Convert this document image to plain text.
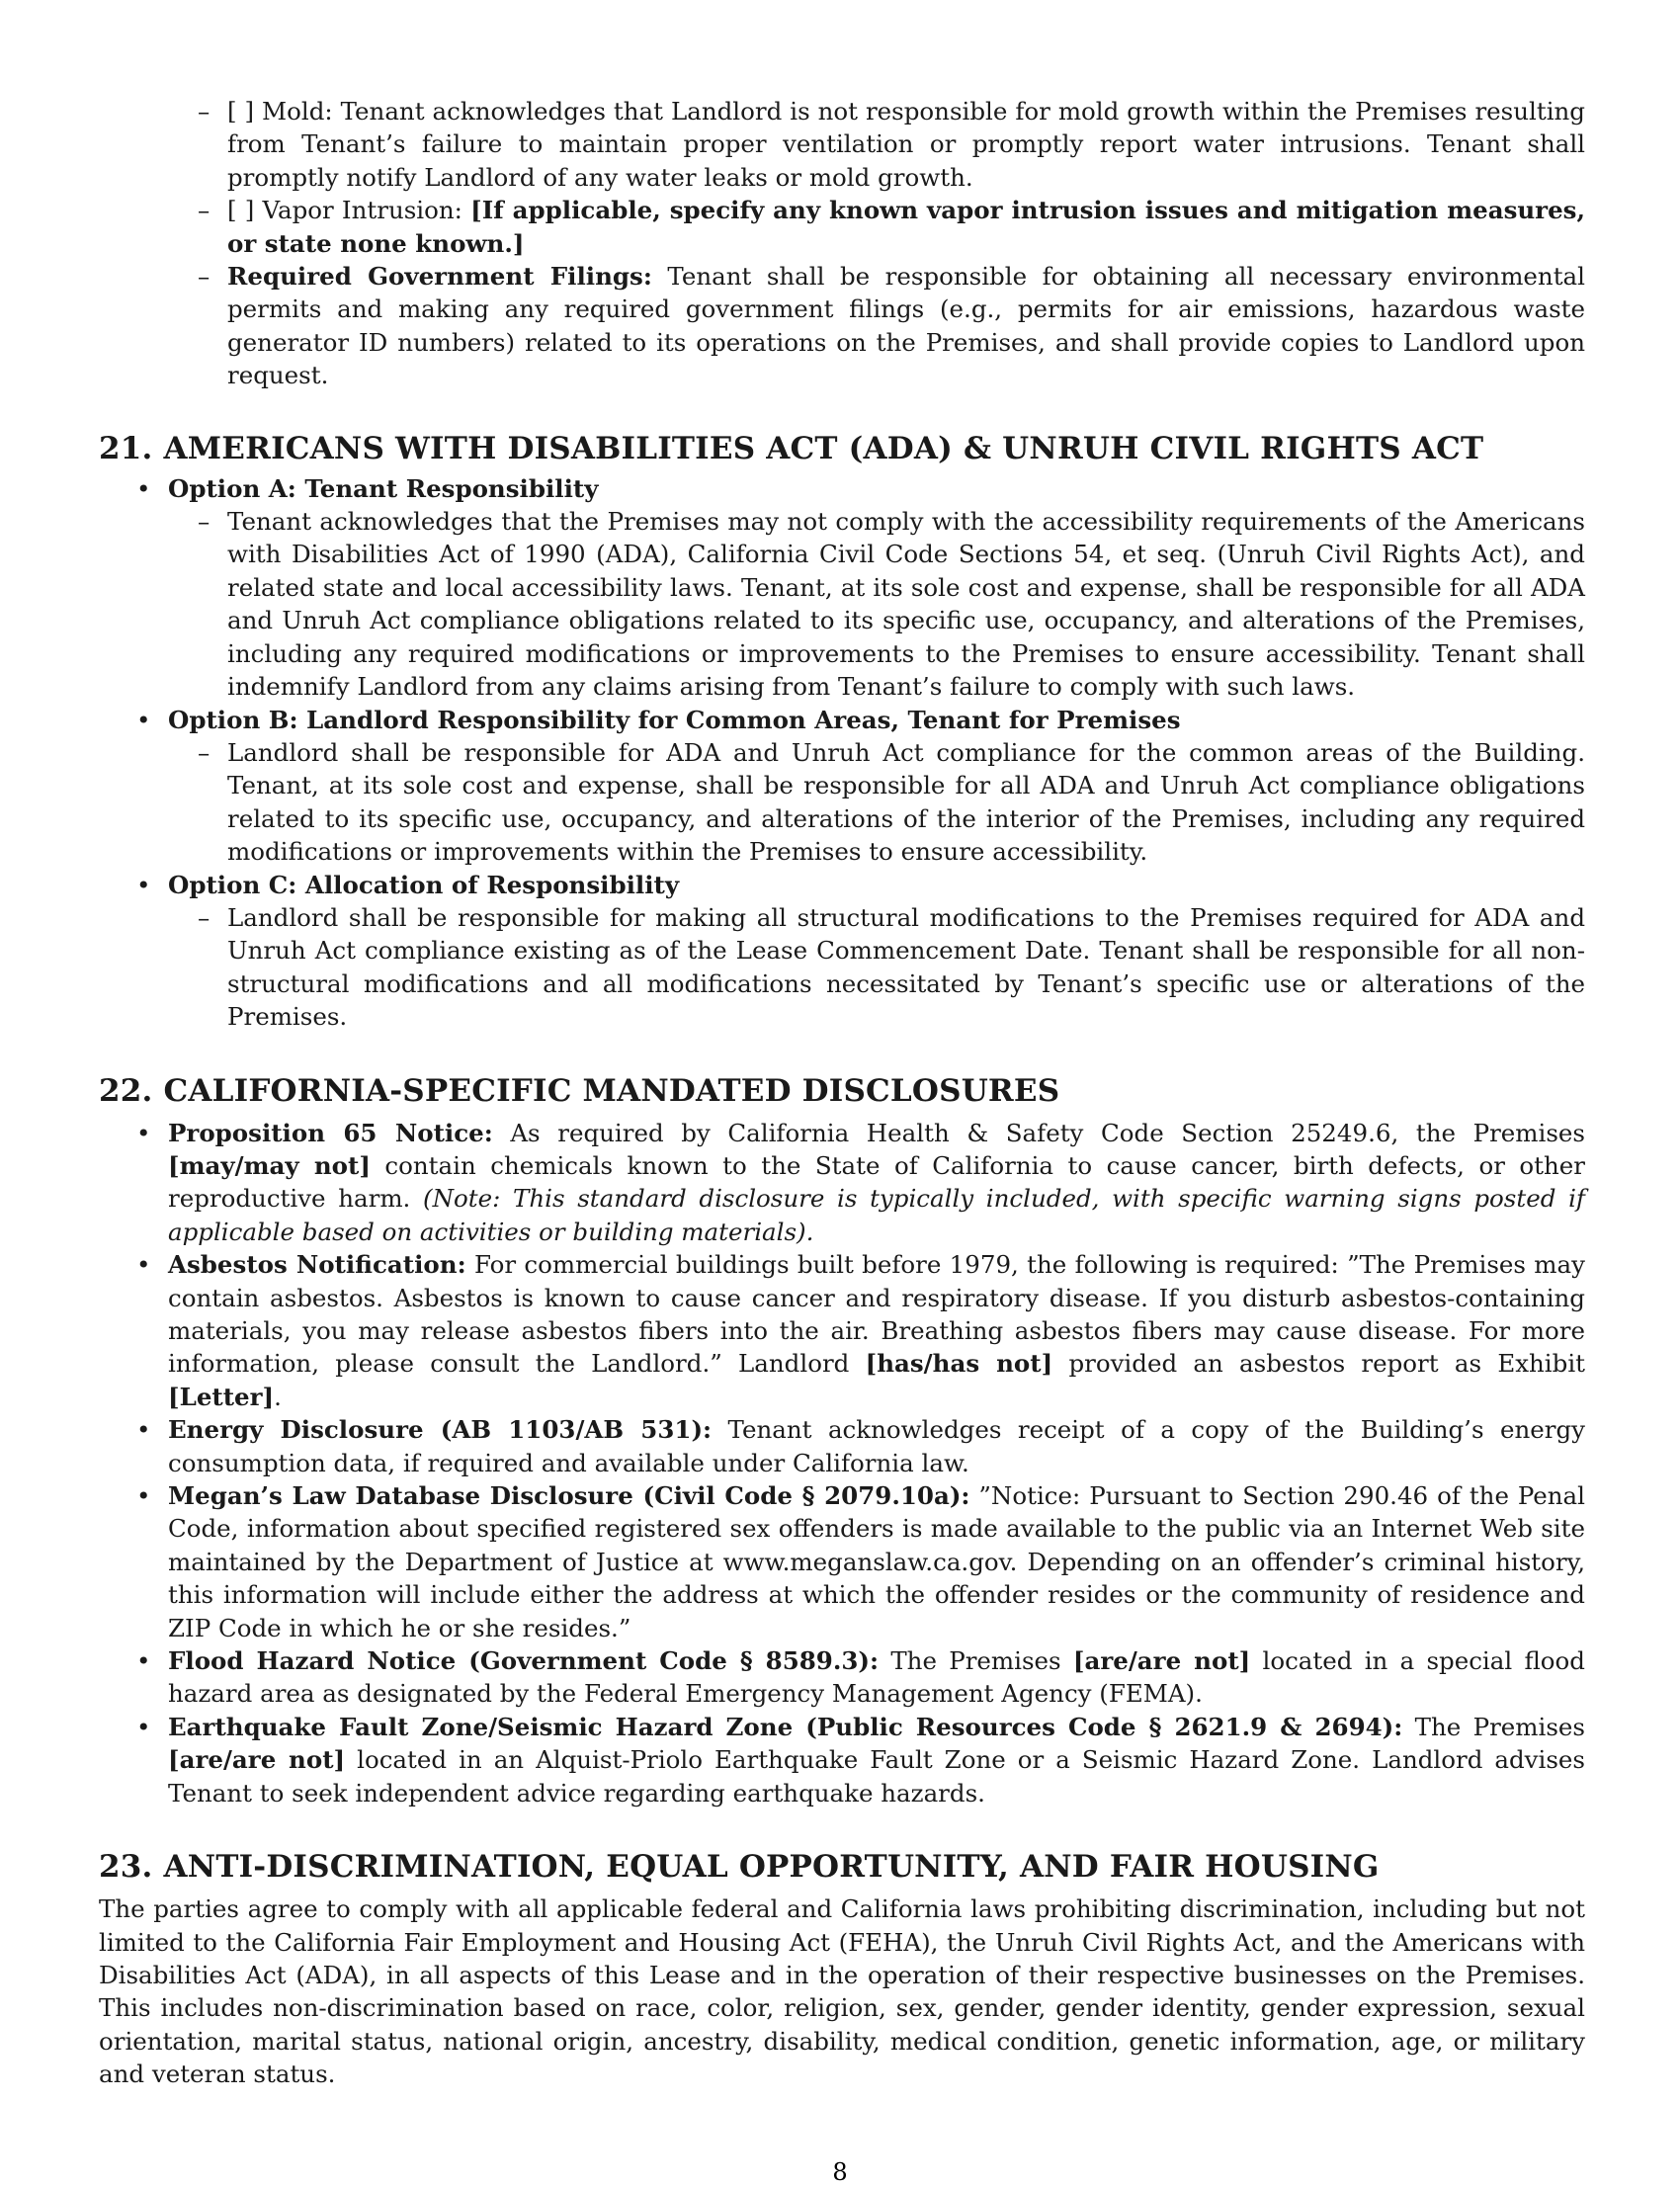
– [ ] Mold: Tenant acknowledges that Landlord is not responsible for mold growth within the Premises resulting from Tenant’s failure to maintain proper ventilation or promptly report water intrusions. Tenant shall promptly notify Landlord of any water leaks or mold growth.
– [ ] Vapor Intrusion: [If applicable, specify any known vapor intrusion issues and mitigation measures, or state none known.]
– Required Government Filings: Tenant shall be responsible for obtaining all necessary environmental permits and making any required government filings (e.g., permits for air emissions, hazardous waste generator ID numbers) related to its operations on the Premises, and shall provide copies to Landlord upon request.
21. AMERICANS WITH DISABILITIES ACT (ADA) & UNRUH CIVIL RIGHTS ACT
• Option A: Tenant Responsibility
– Tenant acknowledges that the Premises may not comply with the accessibility requirements of the Americans with Disabilities Act of 1990 (ADA), California Civil Code Sections 54, et seq. (Unruh Civil Rights Act), and related state and local accessibility laws. Tenant, at its sole cost and expense, shall be responsible for all ADA and Unruh Act compliance obligations related to its specific use, occupancy, and alterations of the Premises, including any required modifications or improvements to the Premises to ensure accessibility. Tenant shall indemnify Landlord from any claims arising from Tenant’s failure to comply with such laws.
• Option B: Landlord Responsibility for Common Areas, Tenant for Premises
– Landlord shall be responsible for ADA and Unruh Act compliance for the common areas of the Building. Tenant, at its sole cost and expense, shall be responsible for all ADA and Unruh Act compliance obligations related to its specific use, occupancy, and alterations of the interior of the Premises, including any required modifications or improvements within the Premises to ensure accessibility.
• Option C: Allocation of Responsibility
– Landlord shall be responsible for making all structural modifications to the Premises required for ADA and Unruh Act compliance existing as of the Lease Commencement Date. Tenant shall be responsible for all non-structural modifications and all modifications necessitated by Tenant’s specific use or alterations of the Premises.
22. CALIFORNIA-SPECIFIC MANDATED DISCLOSURES
• Proposition 65 Notice: As required by California Health & Safety Code Section 25249.6, the Premises [may/may not] contain chemicals known to the State of California to cause cancer, birth defects, or other reproductive harm. (Note: This standard disclosure is typically included, with specific warning signs posted if applicable based on activities or building materials).
• Asbestos Notification: For commercial buildings built before 1979, the following is required: ”The Premises may contain asbestos. Asbestos is known to cause cancer and respiratory disease. If you disturb asbestos-containing materials, you may release asbestos fibers into the air. Breathing asbestos fibers may cause disease. For more information, please consult the Landlord.” Landlord [has/has not] provided an asbestos report as Exhibit [Letter].
• Energy Disclosure (AB 1103/AB 531): Tenant acknowledges receipt of a copy of the Building’s energy consumption data, if required and available under California law.
• Megan’s Law Database Disclosure (Civil Code § 2079.10a): ”Notice: Pursuant to Section 290.46 of the Penal Code, information about specified registered sex offenders is made available to the public via an Internet Web site maintained by the Department of Justice at www.meganslaw.ca.gov. Depending on an offender’s criminal history, this information will include either the address at which the offender resides or the community of residence and ZIP Code in which he or she resides.”
• Flood Hazard Notice (Government Code § 8589.3): The Premises [are/are not] located in a special flood hazard area as designated by the Federal Emergency Management Agency (FEMA).
• Earthquake Fault Zone/Seismic Hazard Zone (Public Resources Code § 2621.9 & 2694): The Premises [are/are not] located in an Alquist-Priolo Earthquake Fault Zone or a Seismic Hazard Zone. Landlord advises Tenant to seek independent advice regarding earthquake hazards.
23. ANTI-DISCRIMINATION, EQUAL OPPORTUNITY, AND FAIR HOUSING

The parties agree to comply with all applicable federal and California laws prohibiting discrimination, including but not limited to the California Fair Employment and Housing Act (FEHA), the Unruh Civil Rights Act, and the Americans with Disabilities Act (ADA), in all aspects of this Lease and in the operation of their respective businesses on the Premises. This includes non-discrimination based on race, color, religion, sex, gender, gender identity, gender expression, sexual orientation, marital status, national origin, ancestry, disability, medical condition, genetic information, age, or military and veteran status.

8
